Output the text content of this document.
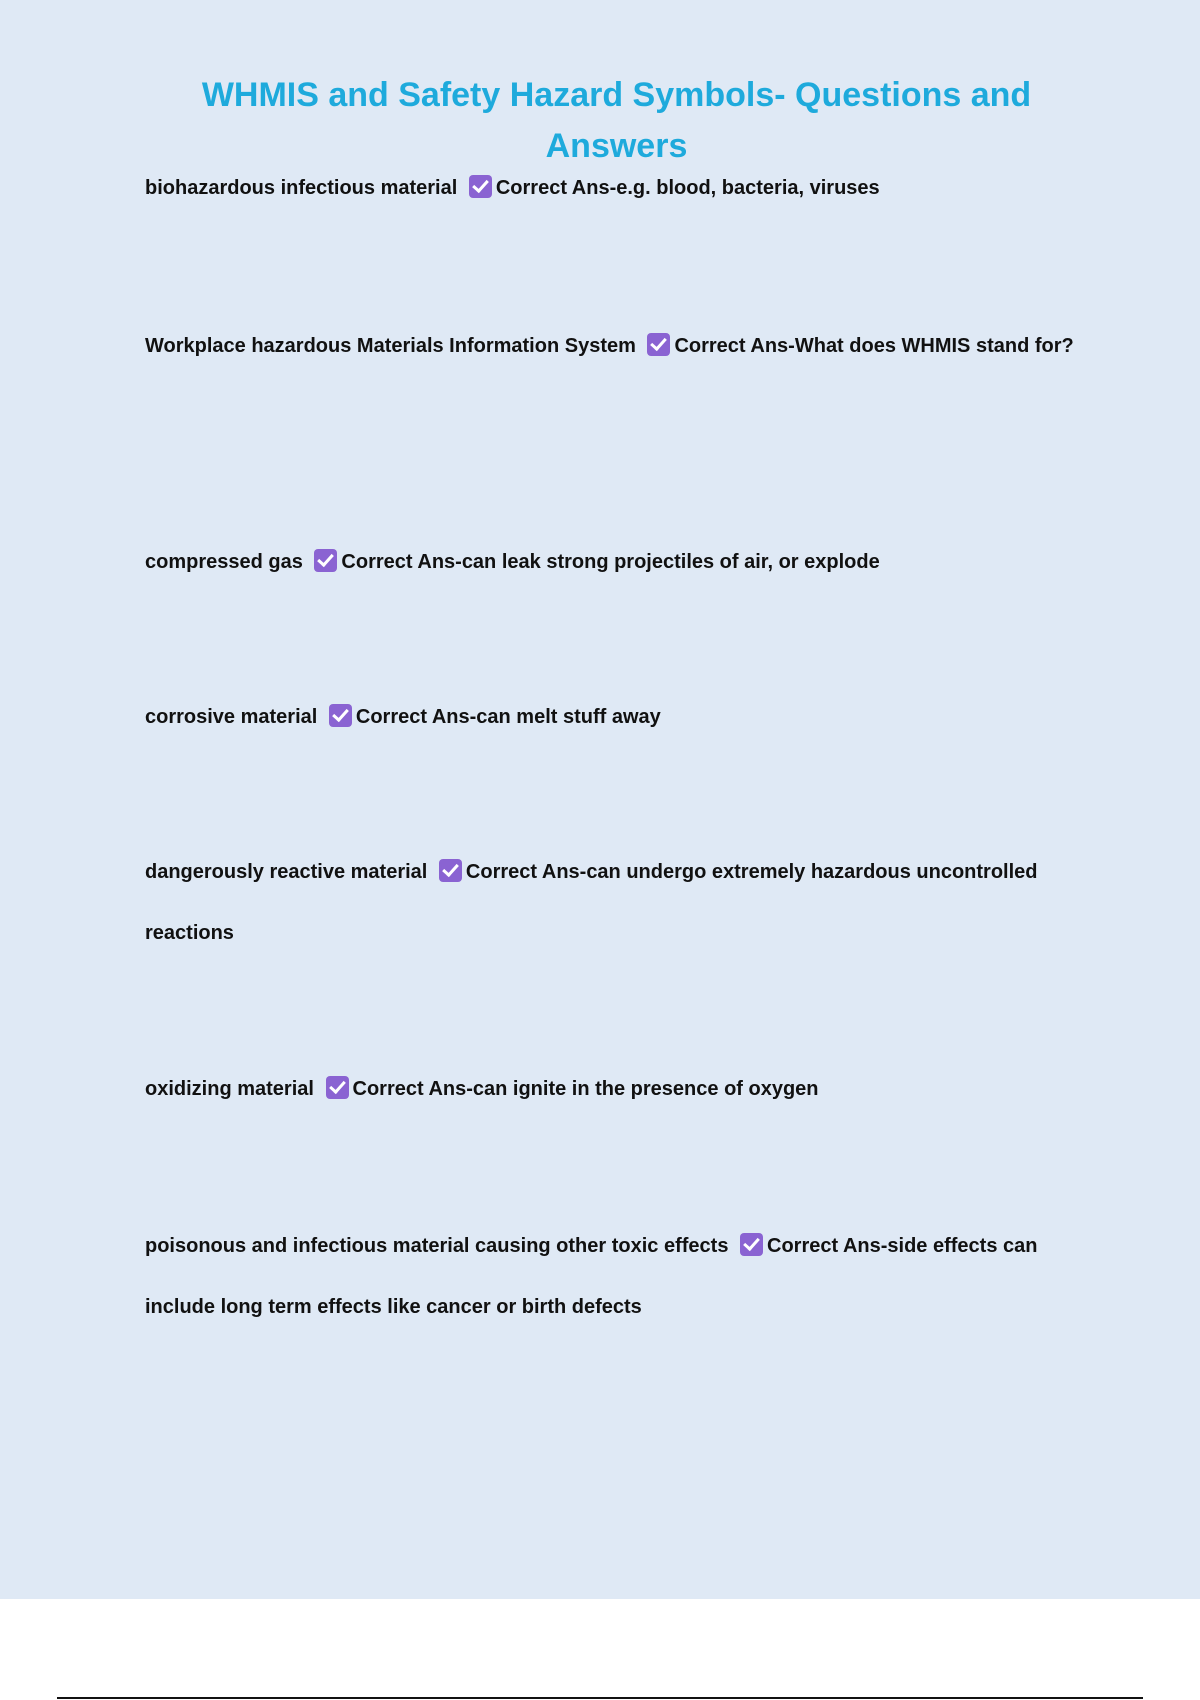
WHMIS and Safety Hazard Symbols- Questions and Answers

biohazardous infectious material Correct Ans-e.g. blood, bacteria, viruses

Workplace hazardous Materials Information System Correct Ans-What does WHMIS stand for?

compressed gas Correct Ans-can leak strong projectiles of air, or explode

corrosive material Correct Ans-can melt stuff away

dangerously reactive material Correct Ans-can undergo extremely hazardous uncontrolled reactions

oxidizing material Correct Ans-can ignite in the presence of oxygen

poisonous and infectious material causing other toxic effects Correct Ans-side effects can include long term effects like cancer or birth defects
